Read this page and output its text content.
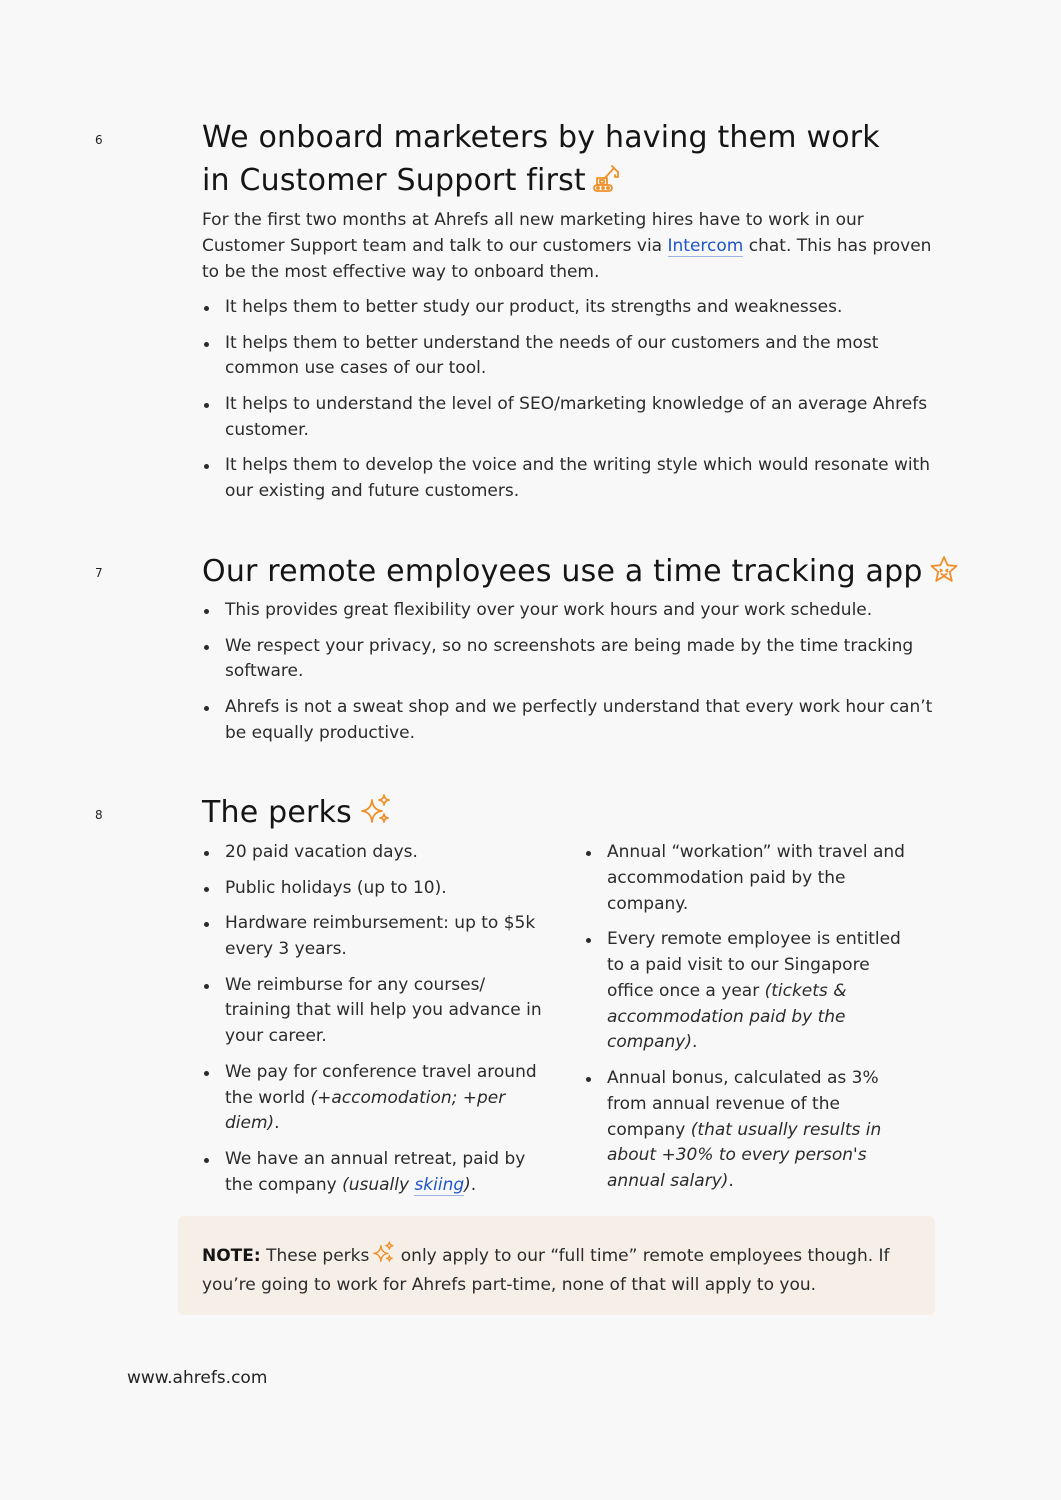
6	We onboard marketers by having them work
in Customer Support first

For the first two months at Ahrefs all new marketing hires have to work in our Customer Support team and talk to our customers via Intercom chat. This has proven to be the most effective way to onboard them.

It helps them to better study our product, its strengths and weaknesses.
It helps them to better understand the needs of our customers and the most common use cases of our tool.
It helps to understand the level of SEO/marketing knowledge of an average Ahrefs customer.
It helps them to develop the voice and the writing style which would resonate with our existing and future customers.
7	Our remote employees use a time tracking app
This provides great flexibility over your work hours and your work schedule.
We respect your privacy, so no screenshots are being made by the time tracking software.
Ahrefs is not a sweat shop and we perfectly understand that every work hour can’t be equally productive.
8	The perks
20 paid vacation days.
Public holidays (up to 10).
Hardware reimbursement: up to $5k every 3 years.
We reimburse for any courses/ training that will help you advance in your career.
We pay for conference travel around the world (+accomodation; +per diem).
We have an annual retreat, paid by the company (usually skiing).
Annual “workation” with travel and accommodation paid by the company.
Every remote employee is entitled to a paid visit to our Singapore office once a year (tickets & accommodation paid by the company).
Annual bonus, calculated as 3% from annual revenue of the company (that usually results in about +30% to every person's annual salary).

NOTE: These perks only apply to our “full time” remote employees though. If you’re going to work for Ahrefs part-time, none of that will apply to you.

www.ahrefs.com
